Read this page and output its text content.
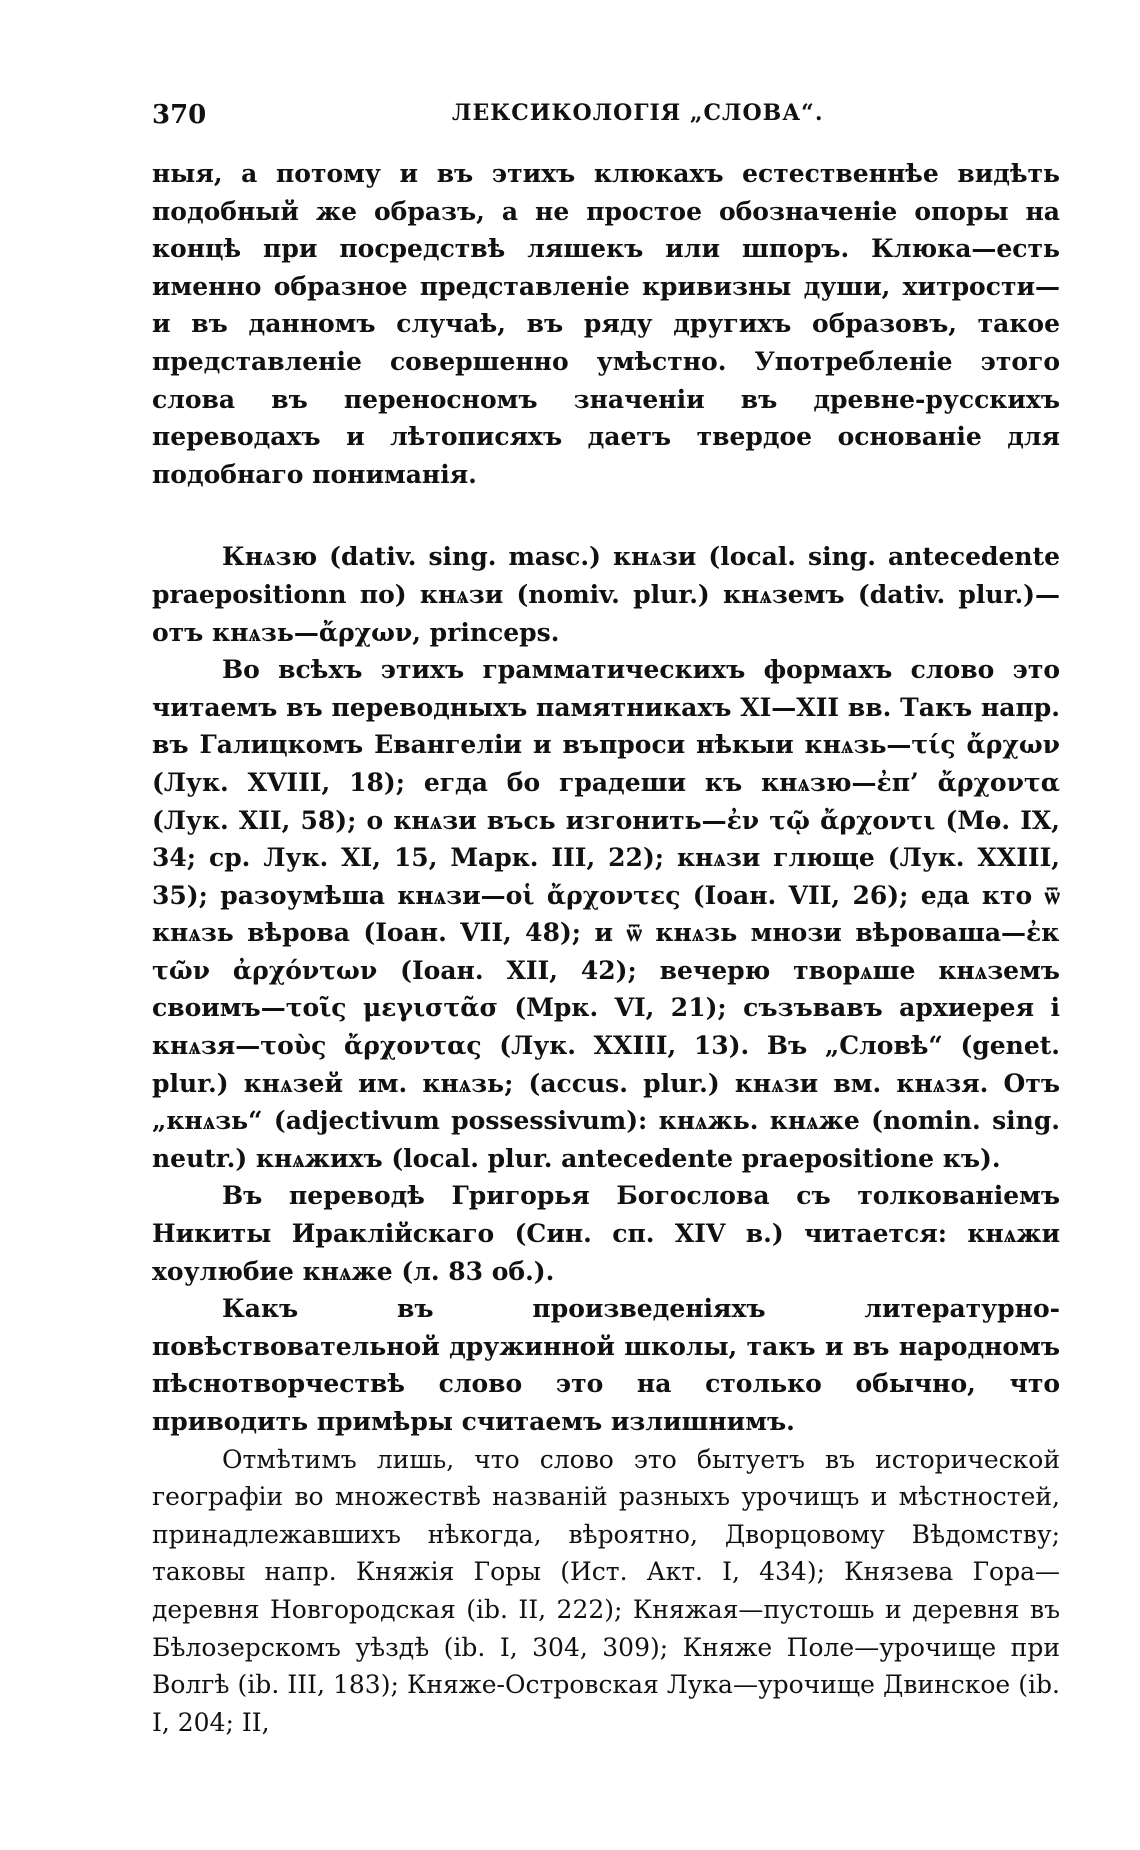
370	ЛЕКСИКОЛОГІЯ „СЛОВА“.

ныя, а потому и въ этихъ клюкахъ естественнѣе видѣть подобный же образъ, а не простое обозначеніе опоры на концѣ при посредствѣ ляшекъ или шпоръ. Клюка—есть именно образное представленіе кривизны души, хитрости—и въ данномъ случаѣ, въ ряду другихъ образовъ, такое представленіе совершенно умѣстно. Употребленіе этого слова въ переносномъ значеніи въ древне-русскихъ переводахъ и лѣтописяхъ даетъ твердое основаніе для подобнаго пониманія.

Кнѧзю (dativ. sing. masc.) кнѧзи (local. sing. antecedente praepositionn по) кнѧзи (nomiv. plur.) кнѧземъ (dativ. plur.)—отъ кнѧзь—ἄρχων, princeps.

Во всѣхъ этихъ грамматическихъ формахъ слово это читаемъ въ переводныхъ памятникахъ XI—XII вв. Такъ напр. въ Галицкомъ Евангеліи и въпроси нѣкыи кнѧзь—τίς ἄρχων (Лук. XVIII, 18); егда бо градеши къ кнѧзю—ἐπ’ ἄρχοντα (Лук. XII, 58); о кнѧзи въсь изгонить—ἐν τῷ ἄρχοντι (Мѳ. IX, 34; ср. Лук. XI, 15, Марк. III, 22); кнѧзи глюще (Лук. XXIII, 35); разоумѣша кнѧзи—οἱ ἄρχοντες (Іоан. VII, 26); еда кто ѿ кнѧзь вѣрова (Іоан. VII, 48); и ѿ кнѧзь мнози вѣроваша—ἐκ τῶν ἀρχόντων (Іоан. XII, 42); вечерю творѧше кнѧземъ своимъ—τοῖς μεγιστᾶσ (Мрк. VI, 21); съзъвавъ архиерея і кнѧзя—τοὺς ἄρχοντας (Лук. XXIII, 13). Въ „Словѣ“ (genet. plur.) кнѧзей им. кнѧзь; (accus. plur.) кнѧзи вм. кнѧзя. Отъ „кнѧзь“ (adjectivum possessivum): кнѧжь. кнѧже (nomin. sing. neutr.) кнѧжихъ (local. plur. antecedente praepositione къ).

Въ переводѣ Григорья Богослова съ толкованіемъ Никиты Ираклійскаго (Син. сп. XIV в.) читается: кнѧжи хоулюбие кнѧже (л. 83 об.).

Какъ въ произведеніяхъ литературно-повѣствовательной дружинной школы, такъ и въ народномъ пѣснотворчествѣ слово это на столько обычно, что приводить примѣры считаемъ излишнимъ.

Отмѣтимъ лишь, что слово это бытуетъ въ исторической географіи во множествѣ названій разныхъ урочищъ и мѣстностей, принадлежавшихъ нѣкогда, вѣроятно, Дворцовому Вѣдомству; таковы напр. Княжія Горы (Ист. Акт. I, 434); Князева Гора—деревня Новгородская (ib. II, 222); Княжая—пустошь и деревня въ Бѣлозерскомъ уѣздѣ (ib. I, 304, 309); Княже Поле—урочище при Волгѣ (ib. III, 183); Княже-Островская Лука—урочище Двинское (ib. I, 204; II,
